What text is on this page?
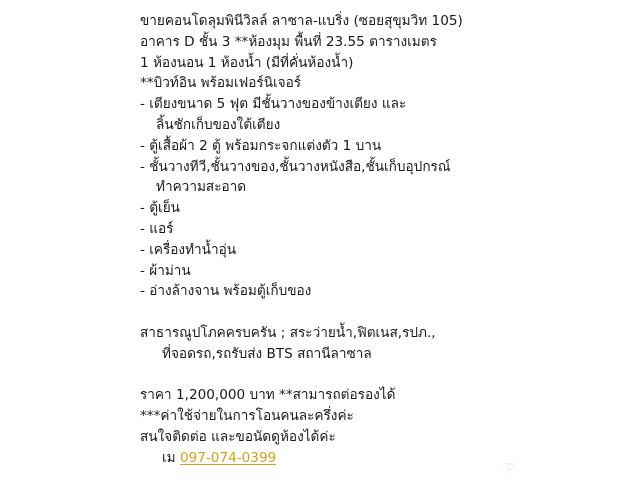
ขายคอนโดลุมพินีวิลล์ ลาซาล-แบริ่ง (ซอยสุขุมวิท 105)
อาคาร D ชั้น 3 **ห้องมุม พื้นที่ 23.55 ตารางเมตร
1 ห้องนอน 1 ห้องน้ำ (มีที่คั่นห้องน้ำ)
**บิวท์อิน พร้อมเฟอร์นิเจอร์
- เตียงขนาด 5 ฟุต มีชั้นวางของข้างเตียง และ
ลิ้นชักเก็บของใต้เตียง
- ตู้เสื้อผ้า 2 ตู้ พร้อมกระจกแต่งตัว 1 บาน
- ชั้นวางทีวี,ชั้นวางของ,ชั้นวางหนังสือ,ชั้นเก็บอุปกรณ์
ทำความสะอาด
- ตู้เย็น
- แอร์
- เครื่องทำน้ำอุ่น
- ผ้าม่าน
- อ่างล้างจาน พร้อมตู้เก็บของ
สาธารณูปโภคครบครัน ; สระว่ายน้ำ,ฟิตเนส,รปภ.,
ที่จอดรถ,รถรับส่ง BTS สถานีลาซาล
ราคา 1,200,000 บาท **สามารถต่อรองได้
***ค่าใช้จ่ายในการโอนคนละครึ่งค่ะ
สนใจติดต่อ และขอนัดดูห้องได้ค่ะ
เม 097-074-0399
♡
